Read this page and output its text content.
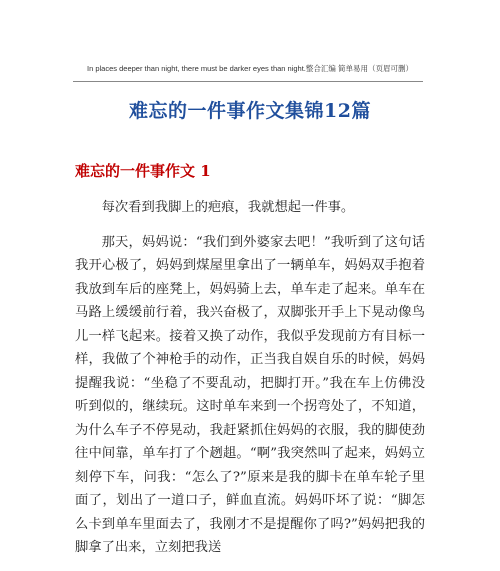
In places deeper than night, there must be darker eyes than night.整合汇编 简单易用（页眉可删）
难忘的一件事作文集锦12篇
难忘的一件事作文 1

每次看到我脚上的疤痕，我就想起一件事。

那天，妈妈说：“我们到外婆家去吧！”我听到了这句话我开心极了，妈妈到煤屋里拿出了一辆单车，妈妈双手抱着我放到车后的座凳上，妈妈骑上去，单车走了起来。单车在马路上缓缓前行着，我兴奋极了，双脚张开手上下晃动像鸟儿一样飞起来。接着又换了动作，我似乎发现前方有目标一样，我做了个神枪手的动作，正当我自娱自乐的时候，妈妈提醒我说：“坐稳了不要乱动，把脚打开。”我在车上仿佛没听到似的，继续玩。这时单车来到一个拐弯处了，不知道，为什么车子不停晃动，我赶紧抓住妈妈的衣服，我的脚使劲往中间靠，单车打了个趔趄。“啊”我突然叫了起来，妈妈立刻停下车，问我：“怎么了?”原来是我的脚卡在单车轮子里面了，划出了一道口子，鲜血直流。妈妈吓坏了说：“脚怎么卡到单车里面去了，我刚才不是提醒你了吗?”妈妈把我的脚拿了出来，立刻把我送
